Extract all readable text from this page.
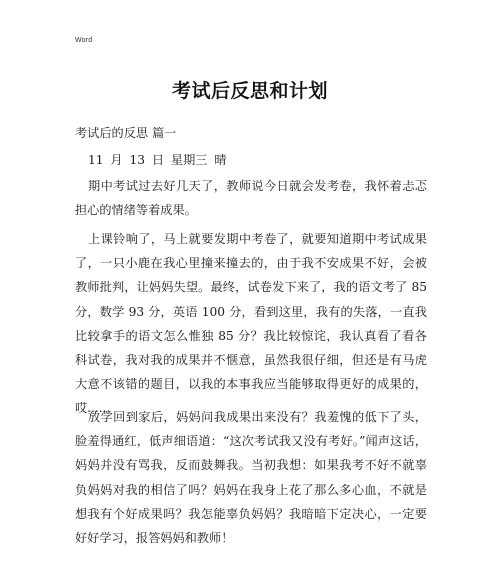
Word
考试后反思和计划
考试后的反思 篇一
11 月 13 日 星期三 晴
期中考试过去好几天了，教师说今日就会发考卷，我怀着忐忑担心的情绪等着成果。
上课铃响了，马上就要发期中考卷了，就要知道期中考试成果了，一只小鹿在我心里撞来撞去的，由于我不安成果不好，会被教师批判，让妈妈失望。最终，试卷发下来了，我的语文考了 85 分，数学 93 分，英语 100 分，看到这里，我有的失落，一直我比较拿手的语文怎么惟独 85 分？我比较惊诧，我认真看了看各科试卷，我对我的成果并不惬意，虽然我很仔细，但还是有马虎大意不该错的题目，以我的本事我应当能够取得更好的成果的，哎......
放学回到家后，妈妈问我成果出来没有？我羞愧的低下了头，脸羞得通红，低声细语道：“这次考试我又没有考好。”闻声这话，妈妈并没有骂我，反而鼓舞我。当初我想：如果我考不好不就辜负妈妈对我的相信了吗？妈妈在我身上花了那么多心血，不就是想我有个好成果吗？我怎能辜负妈妈？我暗暗下定决心，一定要好好学习，报答妈妈和教师！
